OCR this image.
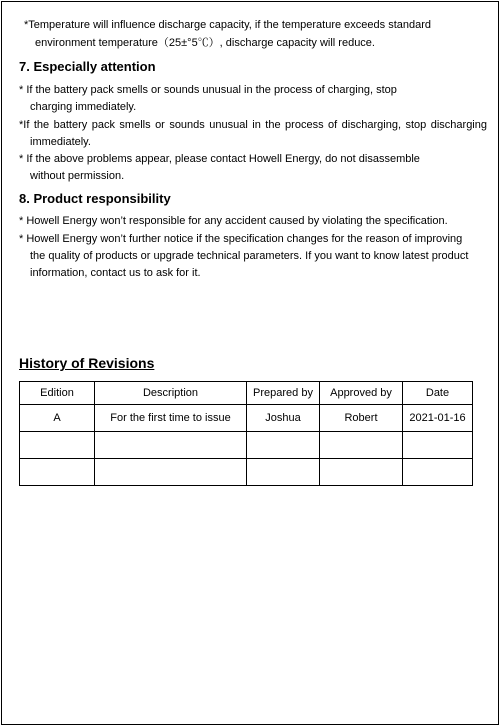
*Temperature will influence discharge capacity, if the temperature exceeds standard
environment temperature（25±°5℃）, discharge capacity will reduce.
7. Especially attention
* If the battery pack smells or sounds unusual in the process of charging, stop
charging immediately.
*If the battery pack smells or sounds unusual in the process of discharging, stop discharging
immediately.
* If the above problems appear, please contact Howell Energy, do not disassemble
without permission.
8. Product responsibility
* Howell Energy won’t responsible for any accident caused by violating the specification.
* Howell Energy won’t further notice if the specification changes for the reason of improving
the quality of products or upgrade technical parameters. If you want to know latest product
information, contact us to ask for it.
History of Revisions
Edition	Description	Prepared by	Approved by	Date
A	For the first time to issue	Joshua	Robert	2021-01-16
